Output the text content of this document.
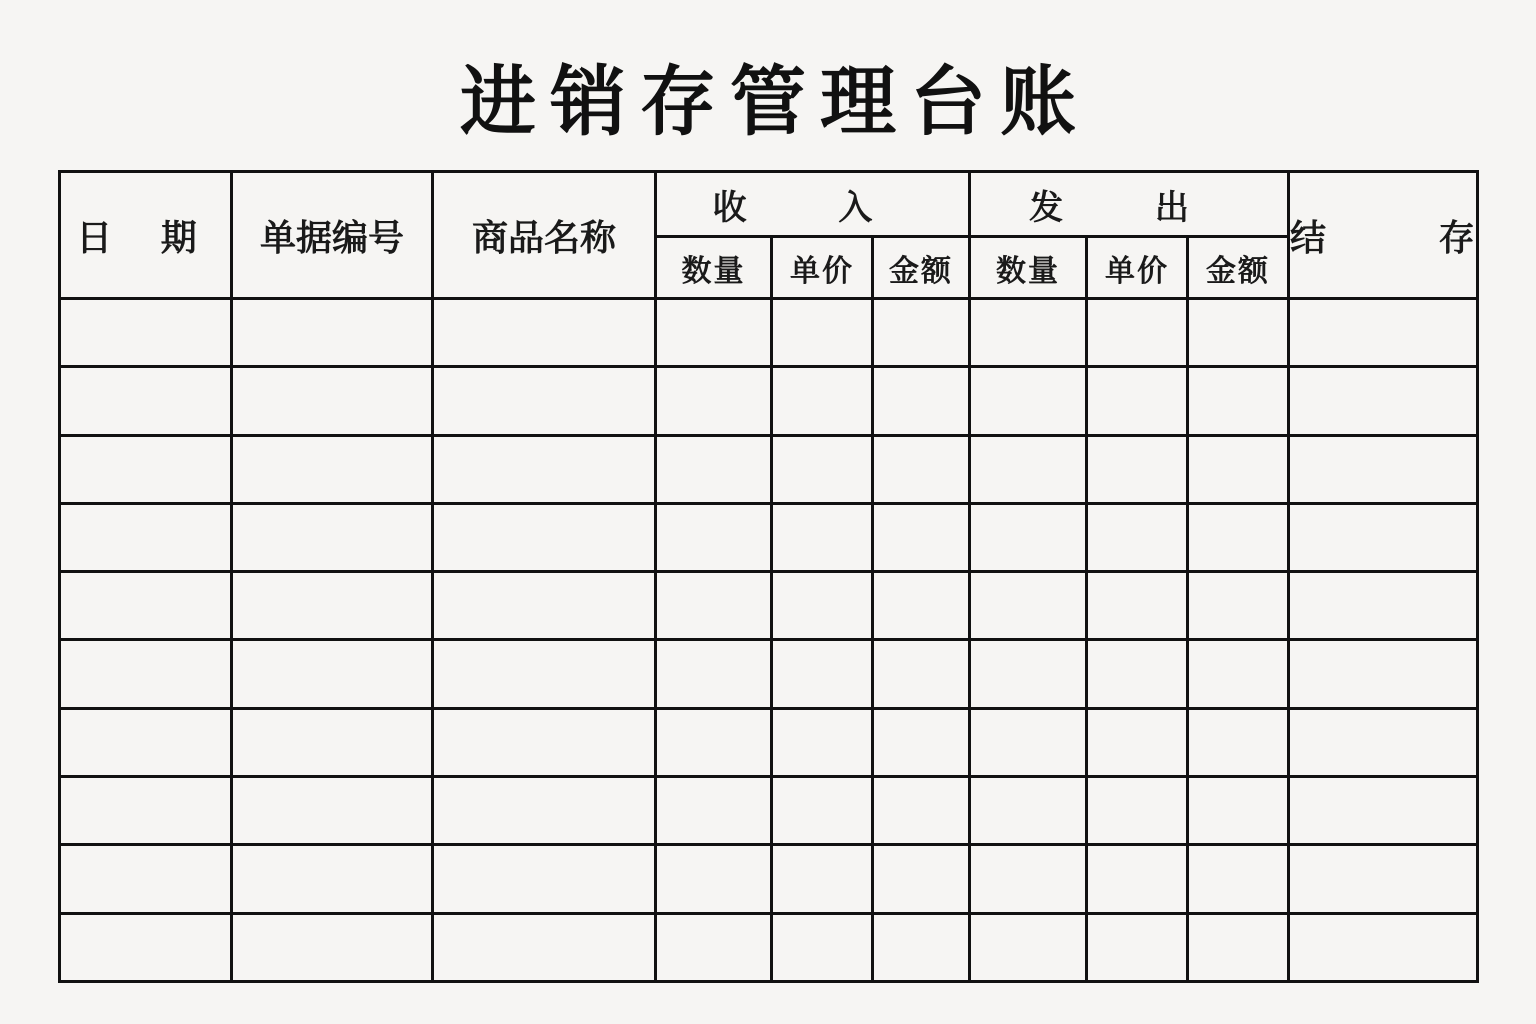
进销存管理台账
日 期	单据编号	商品名称	收 入			发 出			结 存
			数量	单价	金额	数量	单价	金额	
